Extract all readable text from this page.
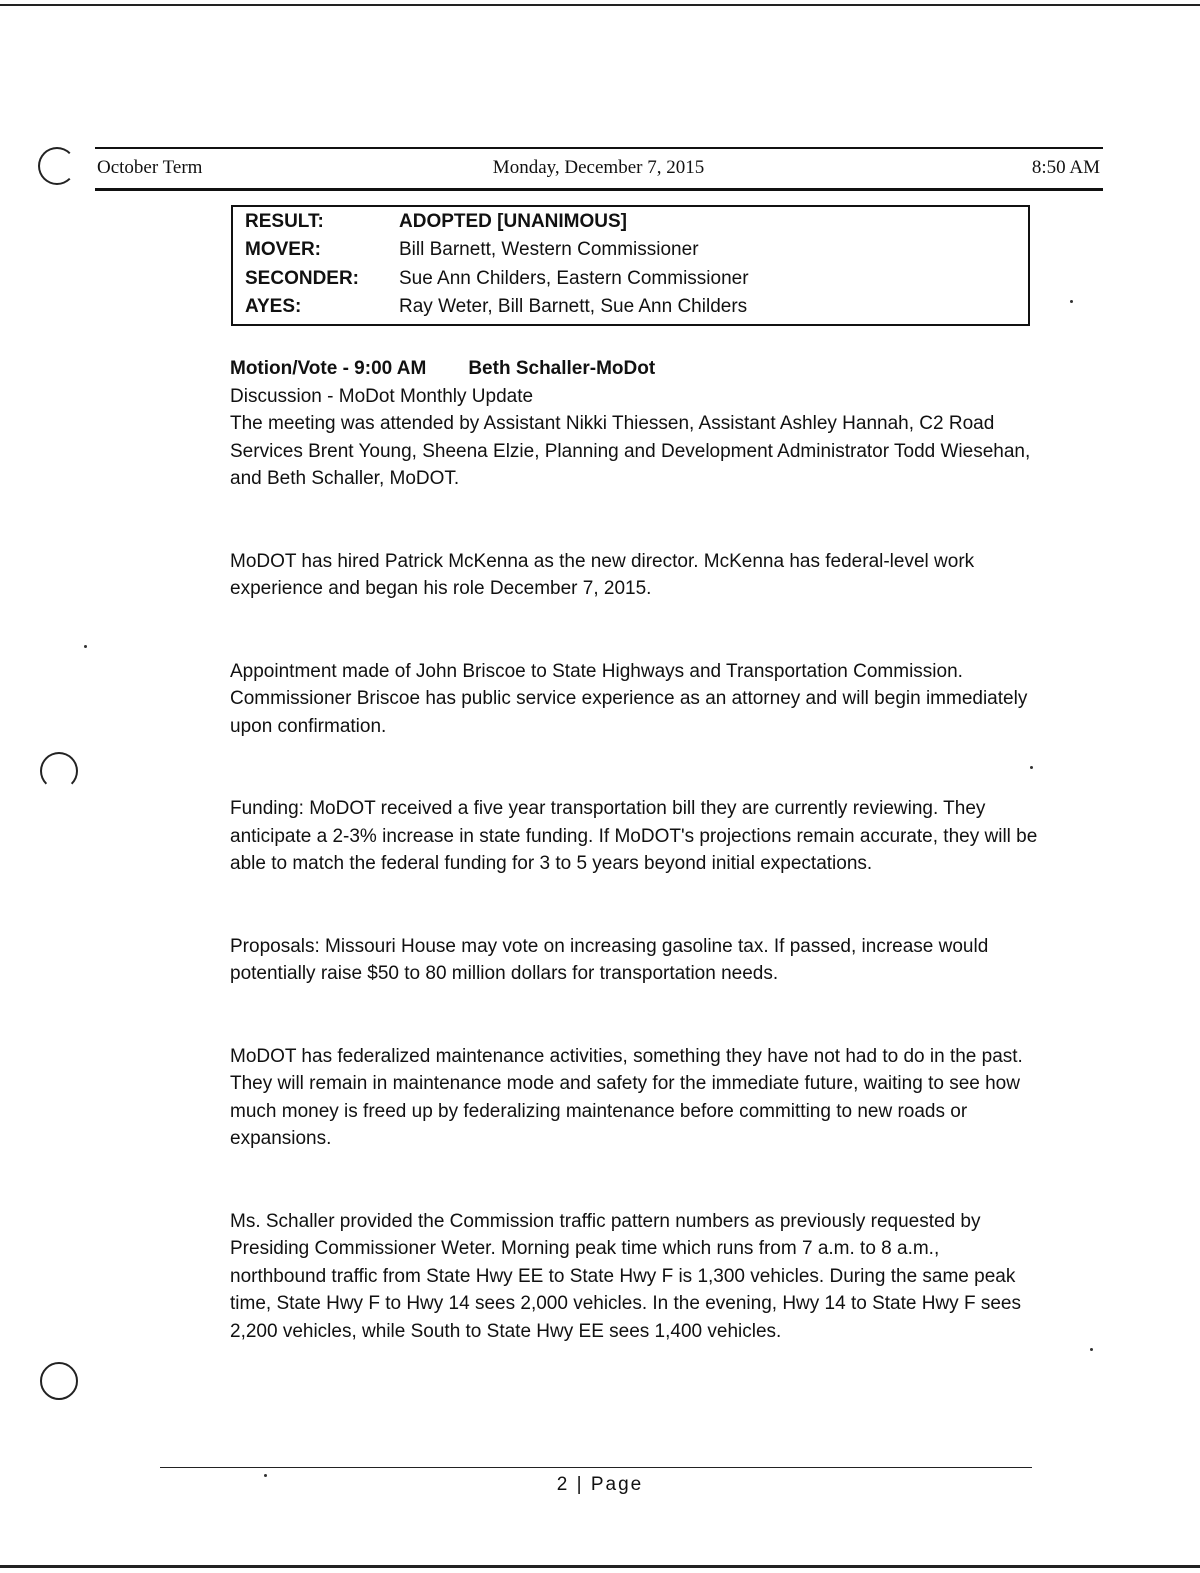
October Term	Monday, December 7, 2015	8:50 AM
RESULT:	ADOPTED [UNANIMOUS]
MOVER:	Bill Barnett, Western Commissioner
SECONDER: Sue Ann Childers, Eastern Commissioner
AYES:	Ray Weter, Bill Barnett, Sue Ann Childers
Motion/Vote - 9:00 AM Beth Schaller-MoDot
Discussion - MoDot Monthly Update

The meeting was attended by Assistant Nikki Thiessen, Assistant Ashley Hannah, C2 Road Services Brent Young, Sheena Elzie, Planning and Development Administrator Todd Wiesehan, and Beth Schaller, MoDOT.

MoDOT has hired Patrick McKenna as the new director. McKenna has federal-level work experience and began his role December 7, 2015.

Appointment made of John Briscoe to State Highways and Transportation Commission. Commissioner Briscoe has public service experience as an attorney and will begin immediately upon confirmation.

Funding: MoDOT received a five year transportation bill they are currently reviewing. They anticipate a 2-3% increase in state funding. If MoDOT's projections remain accurate, they will be able to match the federal funding for 3 to 5 years beyond initial expectations.

Proposals: Missouri House may vote on increasing gasoline tax. If passed, increase would potentially raise $50 to 80 million dollars for transportation needs.

MoDOT has federalized maintenance activities, something they have not had to do in the past. They will remain in maintenance mode and safety for the immediate future, waiting to see how much money is freed up by federalizing maintenance before committing to new roads or expansions.

Ms. Schaller provided the Commission traffic pattern numbers as previously requested by Presiding Commissioner Weter. Morning peak time which runs from 7 a.m. to 8 a.m., northbound traffic from State Hwy EE to State Hwy F is 1,300 vehicles. During the same peak time, State Hwy F to Hwy 14 sees 2,000 vehicles. In the evening, Hwy 14 to State Hwy F sees 2,200 vehicles, while South to State Hwy EE sees 1,400 vehicles.

2 | Page
